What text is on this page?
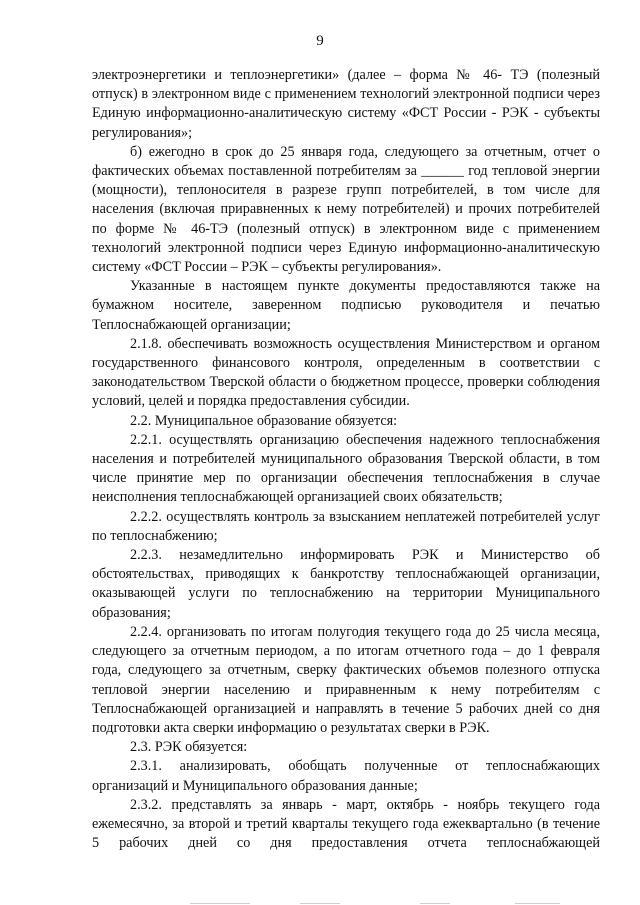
9

электроэнергетики и теплоэнергетики» (далее – форма № 46- ТЭ (полезный отпуск) в электронном виде с применением технологий электронной подписи через Единую информационно-аналитическую систему «ФСТ России - РЭК - субъекты регулирования»;

б) ежегодно в срок до 25 января года, следующего за отчетным, отчет о фактических объемах поставленной потребителям за ______ год тепловой энергии (мощности), теплоносителя в разрезе групп потребителей, в том числе для населения (включая приравненных к нему потребителей) и прочих потребителей по форме № 46-ТЭ (полезный отпуск) в электронном виде с применением технологий электронной подписи через Единую информационно-аналитическую систему «ФСТ России – РЭК – субъекты регулирования».

Указанные в настоящем пункте документы предоставляются также на бумажном носителе, заверенном подписью руководителя и печатью Теплоснабжающей организации;

2.1.8. обеспечивать возможность осуществления Министерством и органом государственного финансового контроля, определенным в соответствии с законодательством Тверской области о бюджетном процессе, проверки соблюдения условий, целей и порядка предоставления субсидии.

2.2. Муниципальное образование обязуется:

2.2.1. осуществлять организацию обеспечения надежного теплоснабжения населения и потребителей муниципального образования Тверской области, в том числе принятие мер по организации обеспечения теплоснабжения в случае неисполнения теплоснабжающей организацией своих обязательств;

2.2.2. осуществлять контроль за взысканием неплатежей потребителей услуг по теплоснабжению;

2.2.3. незамедлительно информировать РЭК и Министерство об обстоятельствах, приводящих к банкротству теплоснабжающей организации, оказывающей услуги по теплоснабжению на территории Муниципального образования;

2.2.4. организовать по итогам полугодия текущего года до 25 числа месяца, следующего за отчетным периодом, а по итогам отчетного года – до 1 февраля года, следующего за отчетным, сверку фактических объемов полезного отпуска тепловой энергии населению и приравненным к нему потребителям с Теплоснабжающей организацией и направлять в течение 5 рабочих дней со дня подготовки акта сверки информацию о результатах сверки в РЭК.

2.3. РЭК обязуется:

2.3.1. анализировать, обобщать полученные от теплоснабжающих организаций и Муниципального образования данные;

2.3.2. представлять за январь - март, октябрь - ноябрь текущего года ежемесячно, за второй и третий кварталы текущего года ежеквартально (в течение 5 рабочих дней со дня предоставления отчета теплоснабжающей
